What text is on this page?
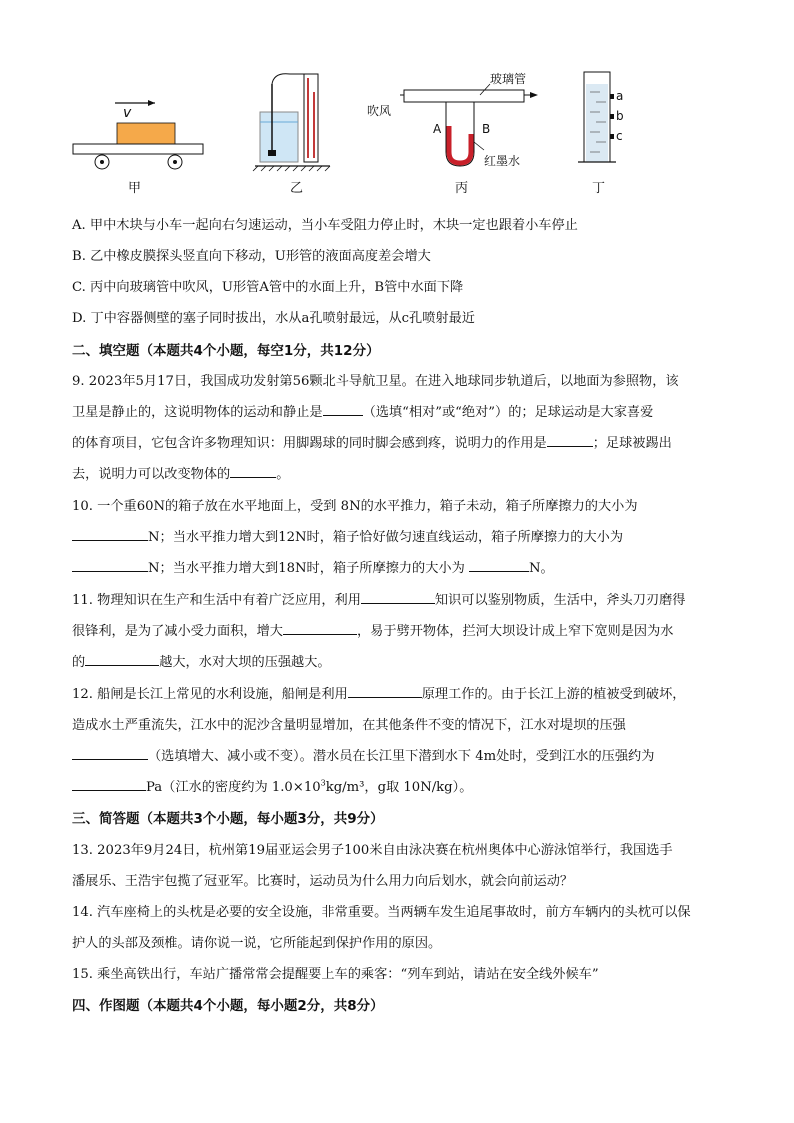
v
甲	乙
玻璃管
吹风
A	B
红墨水
丙
a
b
c
丁
A. 甲中木块与小车一起向右匀速运动，当小车受阻力停止时，木块一定也跟着小车停止
B. 乙中橡皮膜探头竖直向下移动，U形管的液面高度差会增大
C. 丙中向玻璃管中吹风，U形管A管中的水面上升，B管中水面下降
D. 丁中容器侧壁的塞子同时拔出，水从a孔喷射最远，从c孔喷射最近
二、填空题（本题共4个小题，每空1分，共12分）
9. 2023年5月17日，我国成功发射第56颗北斗导航卫星。在进入地球同步轨道后，以地面为参照物，该
卫星是静止的，这说明物体的运动和静止是	（选填“相对”或“绝对”）的；足球运动是大家喜爱
的体育项目，它包含许多物理知识：用脚踢球的同时脚会感到疼，说明力的作用是	；足球被踢出
去，说明力可以改变物体的	。
10. 一个重60N的箱子放在水平地面上，受到 8N的水平推力，箱子未动，箱子所摩擦力的大小为
N；当水平推力增大到12N时，箱子恰好做匀速直线运动，箱子所摩擦力的大小为
N；当水平推力增大到18N时，箱子所摩擦力的大小为	N。
11. 物理知识在生产和生活中有着广泛应用，利用	知识可以鉴别物质，生活中，斧头刀刃磨得
很锋利，是为了减小受力面积，增大	，易于劈开物体，拦河大坝设计成上窄下宽则是因为水
的	越大，水对大坝的压强越大。
12. 船闸是长江上常见的水利设施，船闸是利用	原理工作的。由于长江上游的植被受到破坏，
造成水土严重流失，江水中的泥沙含量明显增加，在其他条件不变的情况下，江水对堤坝的压强
（选填增大、减小或不变）。潜水员在长江里下潜到水下 4m处时，受到江水的压强约为
Pa（江水的密度约为 $1.0\times 10^3kg/m^3$，g取 10N/kg）。
三、简答题（本题共3个小题，每小题3分，共9分）
13. 2023年9月24日，杭州第19届亚运会男子100米自由泳决赛在杭州奥体中心游泳馆举行，我国选手
潘展乐、王浩宇包揽了冠亚军。比赛时，运动员为什么用力向后划水，就会向前运动？
14. 汽车座椅上的头枕是必要的安全设施，非常重要。当两辆车发生追尾事故时，前方车辆内的头枕可以保
护人的头部及颈椎。请你说一说，它所能起到保护作用的原因。
15. 乘坐高铁出行，车站广播常常会提醒要上车的乘客：“列车到站，请站在安全线外候车”
四、作图题（本题共4个小题，每小题2分，共8分）
